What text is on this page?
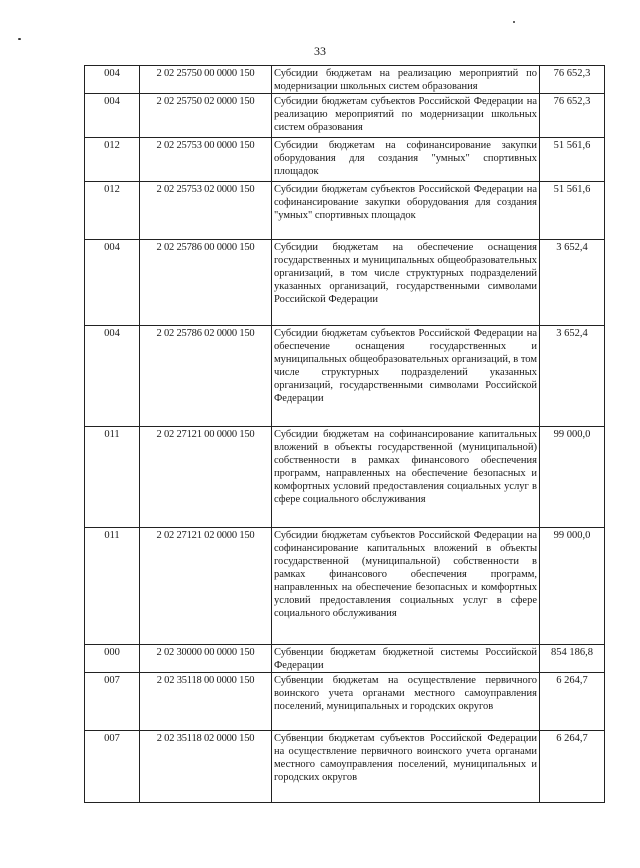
33
004	2 02 25750 00 0000 150	Субсидии бюджетам на реализацию мероприятий по модернизации школьных систем образования	76 652,3
004	2 02 25750 02 0000 150	Субсидии бюджетам субъектов Российской Федерации на реализацию мероприятий по модернизации школьных систем образования	76 652,3
012	2 02 25753 00 0000 150	Субсидии бюджетам на софинансирование закупки оборудования для создания "умных" спортивных площадок	51 561,6
012	2 02 25753 02 0000 150	Субсидии бюджетам субъектов Российской Федерации на софинансирование закупки оборудования для создания "умных" спортивных площадок	51 561,6
004	2 02 25786 00 0000 150	Субсидии бюджетам на обеспечение оснащения государственных и муниципальных общеобразовательных организаций, в том числе структурных подразделений указанных организаций, государственными символами Российской Федерации	3 652,4
004	2 02 25786 02 0000 150	Субсидии бюджетам субъектов Российской Федерации на обеспечение оснащения государственных и муниципальных общеобразовательных организаций, в том числе структурных подразделений указанных организаций, государственными символами Российской Федерации	3 652,4
011	2 02 27121 00 0000 150	Субсидии бюджетам на софинансирование капитальных вложений в объекты государственной (муниципальной) собственности в рамках финансового обеспечения программ, направленных на обеспечение безопасных и комфортных условий предоставления социальных услуг в сфере социального обслуживания	99 000,0
011	2 02 27121 02 0000 150	Субсидии бюджетам субъектов Российской Федерации на софинансирование капитальных вложений в объекты государственной (муниципальной) собственности в рамках финансового обеспечения программ, направленных на обеспечение безопасных и комфортных условий предоставления социальных услуг в сфере социального обслуживания	99 000,0
000	2 02 30000 00 0000 150	Субвенции бюджетам бюджетной системы Российской Федерации	854 186,8
007	2 02 35118 00 0000 150	Субвенции бюджетам на осуществление первичного воинского учета органами местного самоуправления поселений, муниципальных и городских округов	6 264,7
007	2 02 35118 02 0000 150	Субвенции бюджетам субъектов Российской Федерации на осуществление первичного воинского учета органами местного самоуправления поселений, муниципальных и городских округов	6 264,7
